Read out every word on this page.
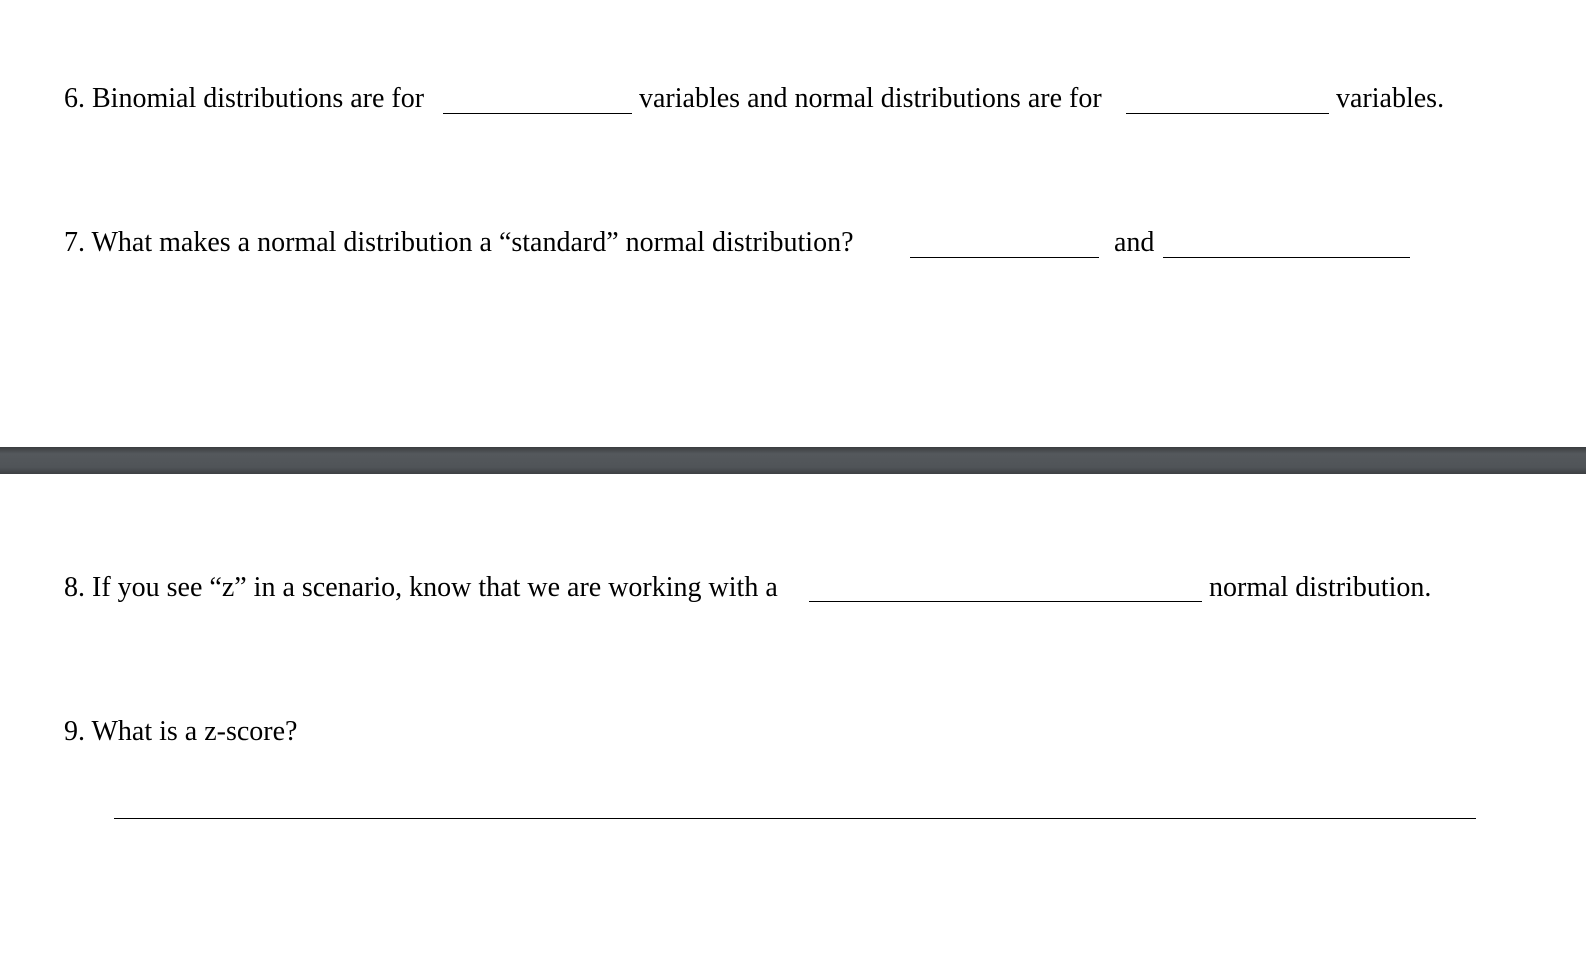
6. Binomial distributions are for	variables and normal distributions are for	variables.
7. What makes a normal distribution a “standard” normal distribution?	and
8. If you see “z” in a scenario, know that we are working with a	normal distribution.
9. What is a z-score?
